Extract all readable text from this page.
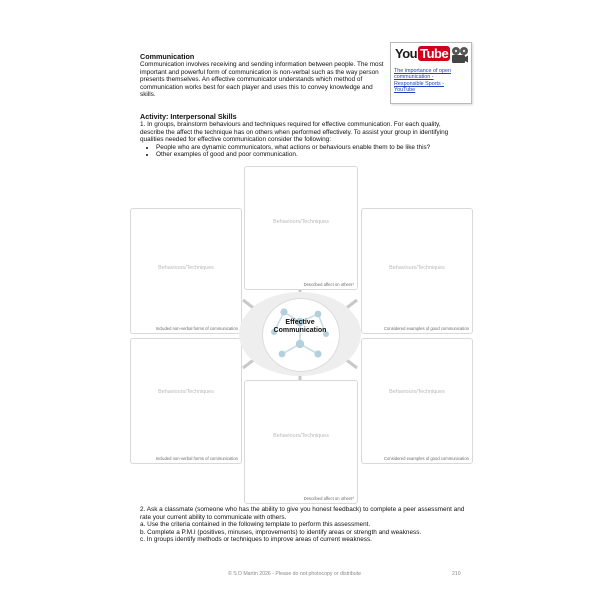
Communication
Communication involves receiving and sending information between people. The most important and powerful form of communication is non-verbal such as the way person presents themselves. An effective communicator understands which method of communication works best for each player and uses this to convey knowledge and skills.
You Tube
The importance of open communication - Responsible Sports - YouTube
Activity: Interpersonal Skills
1. In groups, brainstorm behaviours and techniques required for effective communication. For each quality, describe the affect the technique has on others when performed effectively. To assist your group in identifying qualities needed for effective communication consider the following:
• People who are dynamic communicators, what actions or behaviours enable them to be like this?
• Other examples of good and poor communication.
Behaviours/Techniques
Described affect on others*
Behaviours/Techniques
Included non-verbal forms of communication
Behaviours/Techniques
Considered examples of good communication
Behaviours/Techniques
Included non-verbal forms of communication
Behaviours/Techniques
Considered examples of good communication
Behaviours/Techniques
Described affect on others*
Effective
Communication
2. Ask a classmate (someone who has the ability to give you honest feedback) to complete a peer assessment and rate your current ability to communicate with others.
a. Use the criteria contained in the following template to perform this assessment.
b. Complete a P.M.I (positives, minuses, improvements) to identify areas or strength and weakness.
c. In groups identify methods or techniques to improve areas of current weakness.
© S D Martin 2026 - Please do not photocopy or distribute	210
